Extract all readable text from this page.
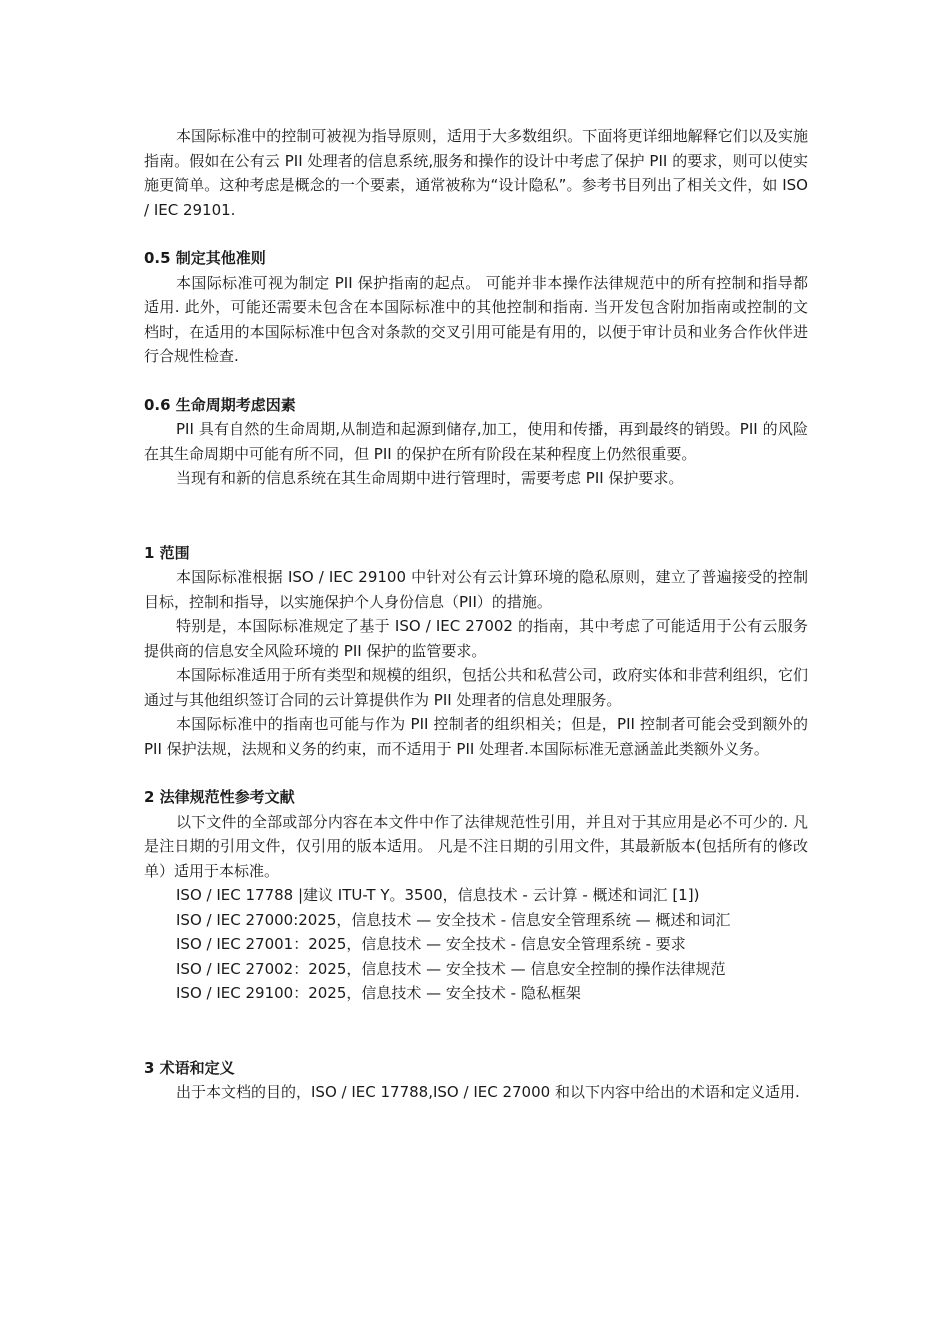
本国际标准中的控制可被视为指导原则，适用于大多数组织。下面将更详细地解释它们以及实施指南。假如在公有云 PII 处理者的信息系统,服务和操作的设计中考虑了保护 PII 的要求，则可以使实施更简单。这种考虑是概念的一个要素，通常被称为“设计隐私”。参考书目列出了相关文件，如 ISO / IEC 29101.

0.5 制定其他准则

本国际标准可视为制定 PII 保护指南的起点。 可能并非本操作法律规范中的所有控制和指导都适用. 此外，可能还需要未包含在本国际标准中的其他控制和指南. 当开发包含附加指南或控制的文档时，在适用的本国际标准中包含对条款的交叉引用可能是有用的，以便于审计员和业务合作伙伴进行合规性检查.

0.6 生命周期考虑因素

PII 具有自然的生命周期,从制造和起源到储存,加工，使用和传播，再到最终的销毁。PII 的风险在其生命周期中可能有所不同，但 PII 的保护在所有阶段在某种程度上仍然很重要。

当现有和新的信息系统在其生命周期中进行管理时，需要考虑 PII 保护要求。

1 范围

本国际标准根据 ISO / IEC 29100 中针对公有云计算环境的隐私原则，建立了普遍接受的控制目标，控制和指导，以实施保护个人身份信息（PII）的措施。

特别是，本国际标准规定了基于 ISO / IEC 27002 的指南，其中考虑了可能适用于公有云服务提供商的信息安全风险环境的 PII 保护的监管要求。

本国际标准适用于所有类型和规模的组织，包括公共和私营公司，政府实体和非营利组织，它们通过与其他组织签订合同的云计算提供作为 PII 处理者的信息处理服务。

本国际标准中的指南也可能与作为 PII 控制者的组织相关；但是，PII 控制者可能会受到额外的 PII 保护法规，法规和义务的约束，而不适用于 PII 处理者.本国际标准无意涵盖此类额外义务。

2 法律规范性参考文献

以下文件的全部或部分内容在本文件中作了法律规范性引用，并且对于其应用是必不可少的. 凡是注日期的引用文件，仅引用的版本适用。 凡是不注日期的引用文件，其最新版本(包括所有的修改单）适用于本标准。

ISO / IEC 17788 |建议 ITU-T Y。3500，信息技术 - 云计算 - 概述和词汇 [1])

ISO / IEC 27000:2025，信息技术 — 安全技术 - 信息安全管理系统 — 概述和词汇

ISO / IEC 27001：2025，信息技术 — 安全技术 - 信息安全管理系统 - 要求

ISO / IEC 27002：2025，信息技术 — 安全技术 — 信息安全控制的操作法律规范

ISO / IEC 29100：2025，信息技术 — 安全技术 - 隐私框架

3 术语和定义

出于本文档的目的，ISO / IEC 17788,ISO / IEC 27000 和以下内容中给出的术语和定义适用.
